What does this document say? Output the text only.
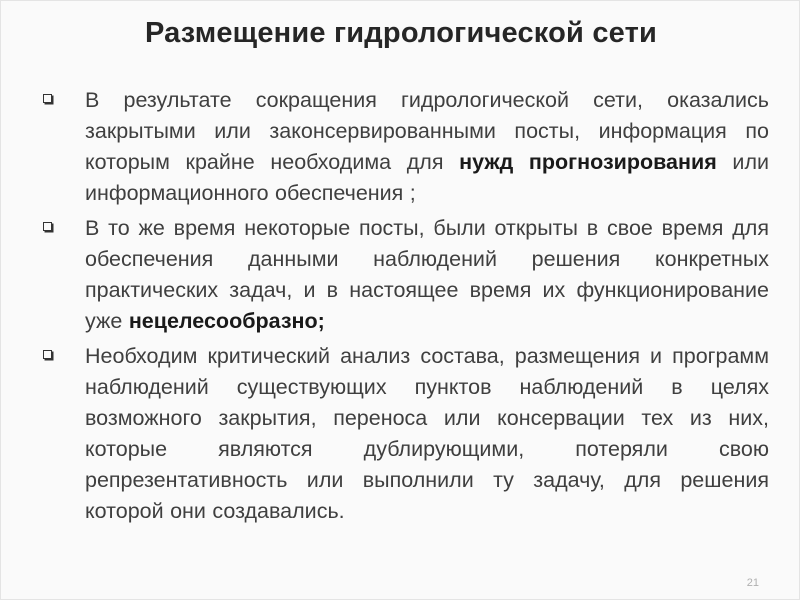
Размещение гидрологической сети
В результате сокращения гидрологической сети, оказались закрытыми или законсервированными посты, информация по которым крайне необходима для нужд прогнозирования или информационного обеспечения ;
В то же время некоторые посты, были открыты в свое время для обеспечения данными наблюдений решения конкретных практических задач, и в настоящее время их функционирование уже нецелесообразно;
Необходим критический анализ состава, размещения и программ наблюдений существующих пунктов наблюдений в целях возможного закрытия, переноса или консервации тех из них, которые являются дублирующими, потеряли свою репрезентативность или выполнили ту задачу, для решения которой они создавались.
21
